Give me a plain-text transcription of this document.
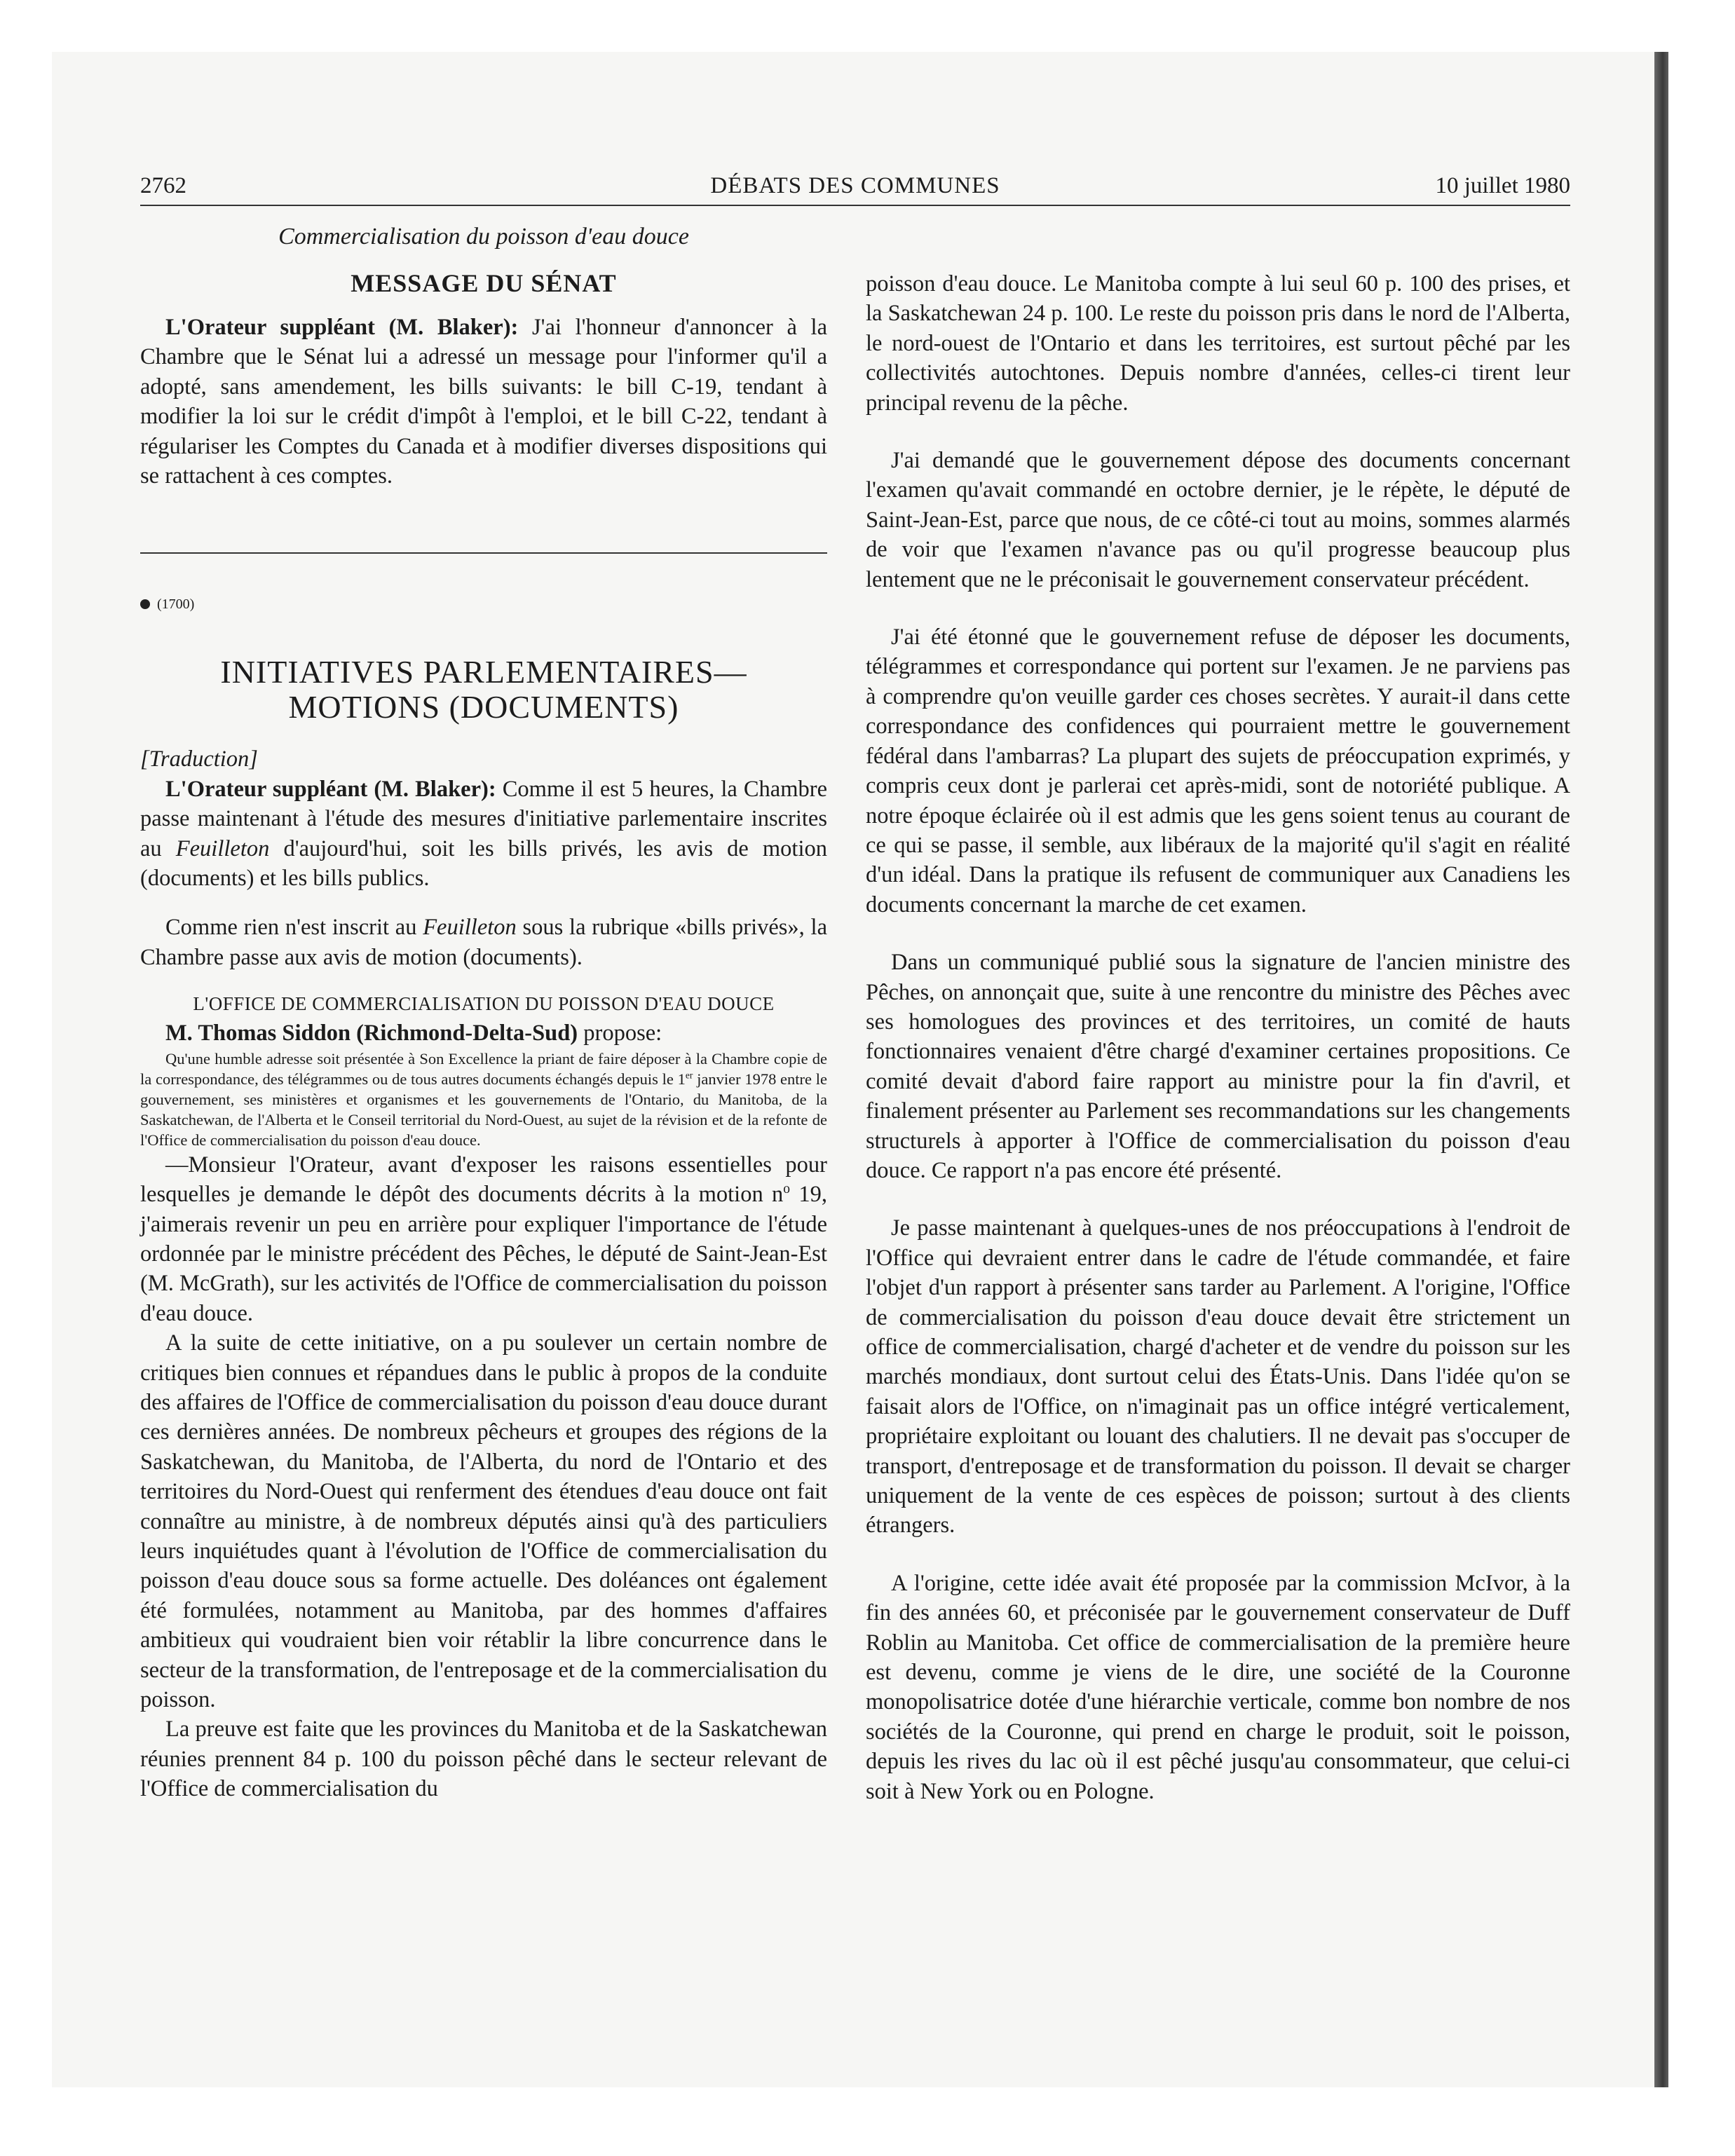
2762	DÉBATS DES COMMUNES	10 juillet 1980
Commercialisation du poisson d'eau douce
MESSAGE DU SÉNAT

L'Orateur suppléant (M. Blaker): J'ai l'honneur d'annoncer à la Chambre que le Sénat lui a adressé un message pour l'informer qu'il a adopté, sans amendement, les bills suivants: le bill C-19, tendant à modifier la loi sur le crédit d'impôt à l'emploi, et le bill C-22, tendant à régulariser les Comptes du Canada et à modifier diverses dispositions qui se rattachent à ces comptes.

(1700)
INITIATIVES PARLEMENTAIRES—
MOTIONS (DOCUMENTS)

[Traduction]

L'Orateur suppléant (M. Blaker): Comme il est 5 heures, la Chambre passe maintenant à l'étude des mesures d'initiative parlementaire inscrites au Feuilleton d'aujourd'hui, soit les bills privés, les avis de motion (documents) et les bills publics.

Comme rien n'est inscrit au Feuilleton sous la rubrique «bills privés», la Chambre passe aux avis de motion (documents).

L'OFFICE DE COMMERCIALISATION DU POISSON D'EAU DOUCE

M. Thomas Siddon (Richmond-Delta-Sud) propose:

Qu'une humble adresse soit présentée à Son Excellence la priant de faire déposer à la Chambre copie de la correspondance, des télégrammes ou de tous autres documents échangés depuis le 1er janvier 1978 entre le gouvernement, ses ministères et organismes et les gouvernements de l'Ontario, du Manitoba, de la Saskatchewan, de l'Alberta et le Conseil territorial du Nord-Ouest, au sujet de la révision et de la refonte de l'Office de commercialisation du poisson d'eau douce.

—Monsieur l'Orateur, avant d'exposer les raisons essentielles pour lesquelles je demande le dépôt des documents décrits à la motion $n^o$ 19, j'aimerais revenir un peu en arrière pour expliquer l'importance de l'étude ordonnée par le ministre précédent des Pêches, le député de Saint-Jean-Est (M. McGrath), sur les activités de l'Office de commercialisation du poisson d'eau douce.

A la suite de cette initiative, on a pu soulever un certain nombre de critiques bien connues et répandues dans le public à propos de la conduite des affaires de l'Office de commercialisation du poisson d'eau douce durant ces dernières années. De nombreux pêcheurs et groupes des régions de la Saskatchewan, du Manitoba, de l'Alberta, du nord de l'Ontario et des territoires du Nord-Ouest qui renferment des étendues d'eau douce ont fait connaître au ministre, à de nombreux députés ainsi qu'à des particuliers leurs inquiétudes quant à l'évolution de l'Office de commercialisation du poisson d'eau douce sous sa forme actuelle. Des doléances ont également été formulées, notamment au Manitoba, par des hommes d'affaires ambitieux qui voudraient bien voir rétablir la libre concurrence dans le secteur de la transformation, de l'entreposage et de la commercialisation du poisson.

La preuve est faite que les provinces du Manitoba et de la Saskatchewan réunies prennent 84 p. 100 du poisson pêché dans le secteur relevant de l'Office de commercialisation du

poisson d'eau douce. Le Manitoba compte à lui seul 60 p. 100 des prises, et la Saskatchewan 24 p. 100. Le reste du poisson pris dans le nord de l'Alberta, le nord-ouest de l'Ontario et dans les territoires, est surtout pêché par les collectivités autochtones. Depuis nombre d'années, celles-ci tirent leur principal revenu de la pêche.

J'ai demandé que le gouvernement dépose des documents concernant l'examen qu'avait commandé en octobre dernier, je le répète, le député de Saint-Jean-Est, parce que nous, de ce côté-ci tout au moins, sommes alarmés de voir que l'examen n'avance pas ou qu'il progresse beaucoup plus lentement que ne le préconisait le gouvernement conservateur précédent.

J'ai été étonné que le gouvernement refuse de déposer les documents, télégrammes et correspondance qui portent sur l'examen. Je ne parviens pas à comprendre qu'on veuille garder ces choses secrètes. Y aurait-il dans cette correspondance des confidences qui pourraient mettre le gouvernement fédéral dans l'ambarras? La plupart des sujets de préoccupation exprimés, y compris ceux dont je parlerai cet après-midi, sont de notoriété publique. A notre époque éclairée où il est admis que les gens soient tenus au courant de ce qui se passe, il semble, aux libéraux de la majorité qu'il s'agit en réalité d'un idéal. Dans la pratique ils refusent de communiquer aux Canadiens les documents concernant la marche de cet examen.

Dans un communiqué publié sous la signature de l'ancien ministre des Pêches, on annonçait que, suite à une rencontre du ministre des Pêches avec ses homologues des provinces et des territoires, un comité de hauts fonctionnaires venaient d'être chargé d'examiner certaines propositions. Ce comité devait d'abord faire rapport au ministre pour la fin d'avril, et finalement présenter au Parlement ses recommandations sur les changements structurels à apporter à l'Office de commercialisation du poisson d'eau douce. Ce rapport n'a pas encore été présenté.

Je passe maintenant à quelques-unes de nos préoccupations à l'endroit de l'Office qui devraient entrer dans le cadre de l'étude commandée, et faire l'objet d'un rapport à présenter sans tarder au Parlement. A l'origine, l'Office de commercialisation du poisson d'eau douce devait être strictement un office de commercialisation, chargé d'acheter et de vendre du poisson sur les marchés mondiaux, dont surtout celui des États-Unis. Dans l'idée qu'on se faisait alors de l'Office, on n'imaginait pas un office intégré verticalement, propriétaire exploitant ou louant des chalutiers. Il ne devait pas s'occuper de transport, d'entreposage et de transformation du poisson. Il devait se charger uniquement de la vente de ces espèces de poisson; surtout à des clients étrangers.

A l'origine, cette idée avait été proposée par la commission McIvor, à la fin des années 60, et préconisée par le gouvernement conservateur de Duff Roblin au Manitoba. Cet office de commercialisation de la première heure est devenu, comme je viens de le dire, une société de la Couronne monopolisatrice dotée d'une hiérarchie verticale, comme bon nombre de nos sociétés de la Couronne, qui prend en charge le produit, soit le poisson, depuis les rives du lac où il est pêché jusqu'au consommateur, que celui-ci soit à New York ou en Pologne.
